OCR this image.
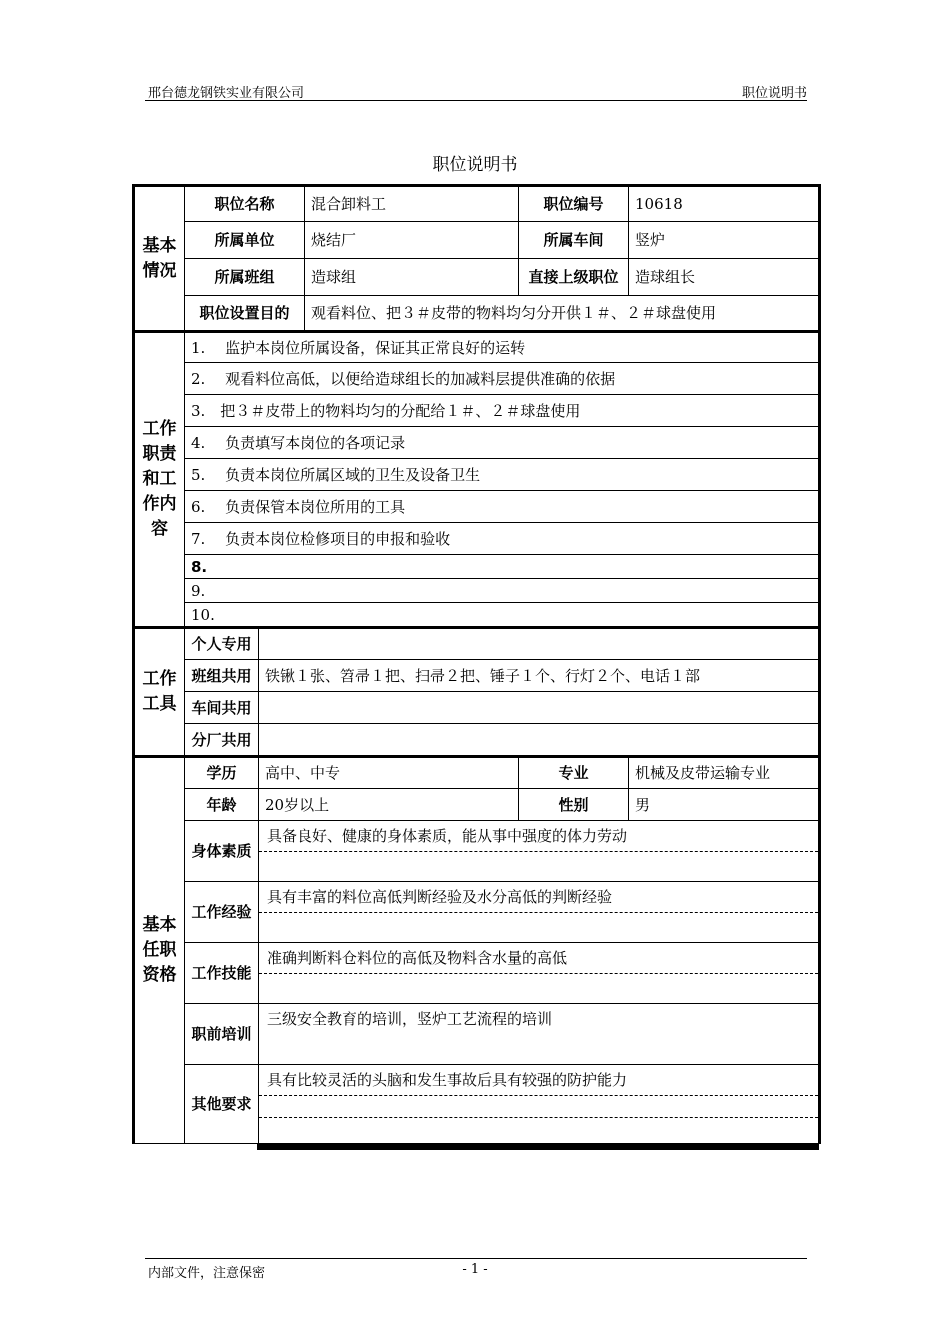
邢台德龙钢铁实业有限公司	职位说明书
职位说明书
基本情况	职位名称		混合卸料工	职位编号	10618
	所属单位		烧结厂	所属车间	竖炉
	所属班组		造球组	直接上级职位	造球组长
	职位设置目的		观看料位、把３＃皮带的物料均匀分开供１＃、２＃球盘使用		
工作职责和工作内容	1.　 监护本岗位所属设备，保证其正常良好的运转				
	2.　 观看料位高低，以便给造球组长的加减料层提供准确的依据				
	3.　把３＃皮带上的物料均匀的分配给１＃、２＃球盘使用				
	4.　 负责填写本岗位的各项记录				
	5.　 负责本岗位所属区域的卫生及设备卫生				
	6.　 负责保管本岗位所用的工具				
	7.　 负责本岗位检修项目的申报和验收				
	8.				
	9.				
	10.				
工作工具	个人专用				
	班组共用	铁锹１张、笤帚１把、扫帚２把、锤子１个、行灯２个、电话１部			
	车间共用				
	分厂共用				
基本任职资格	学历	高中、中专		专业	机械及皮带运输专业
	年龄	20岁以上		性别	男
	身体素质	具备良好、健康的身体素质，能从事中强度的体力劳动			

	工作经验	具有丰富的料位高低判断经验及水分高低的判断经验			

	工作技能	准确判断料仓料位的高低及物料含水量的高低			

	职前培训	三级安全教育的培训，竖炉工艺流程的培训			

	其他要求	具有比较灵活的头脑和发生事故后具有较强的防护能力			
内部文件，注意保密	- 1 -
